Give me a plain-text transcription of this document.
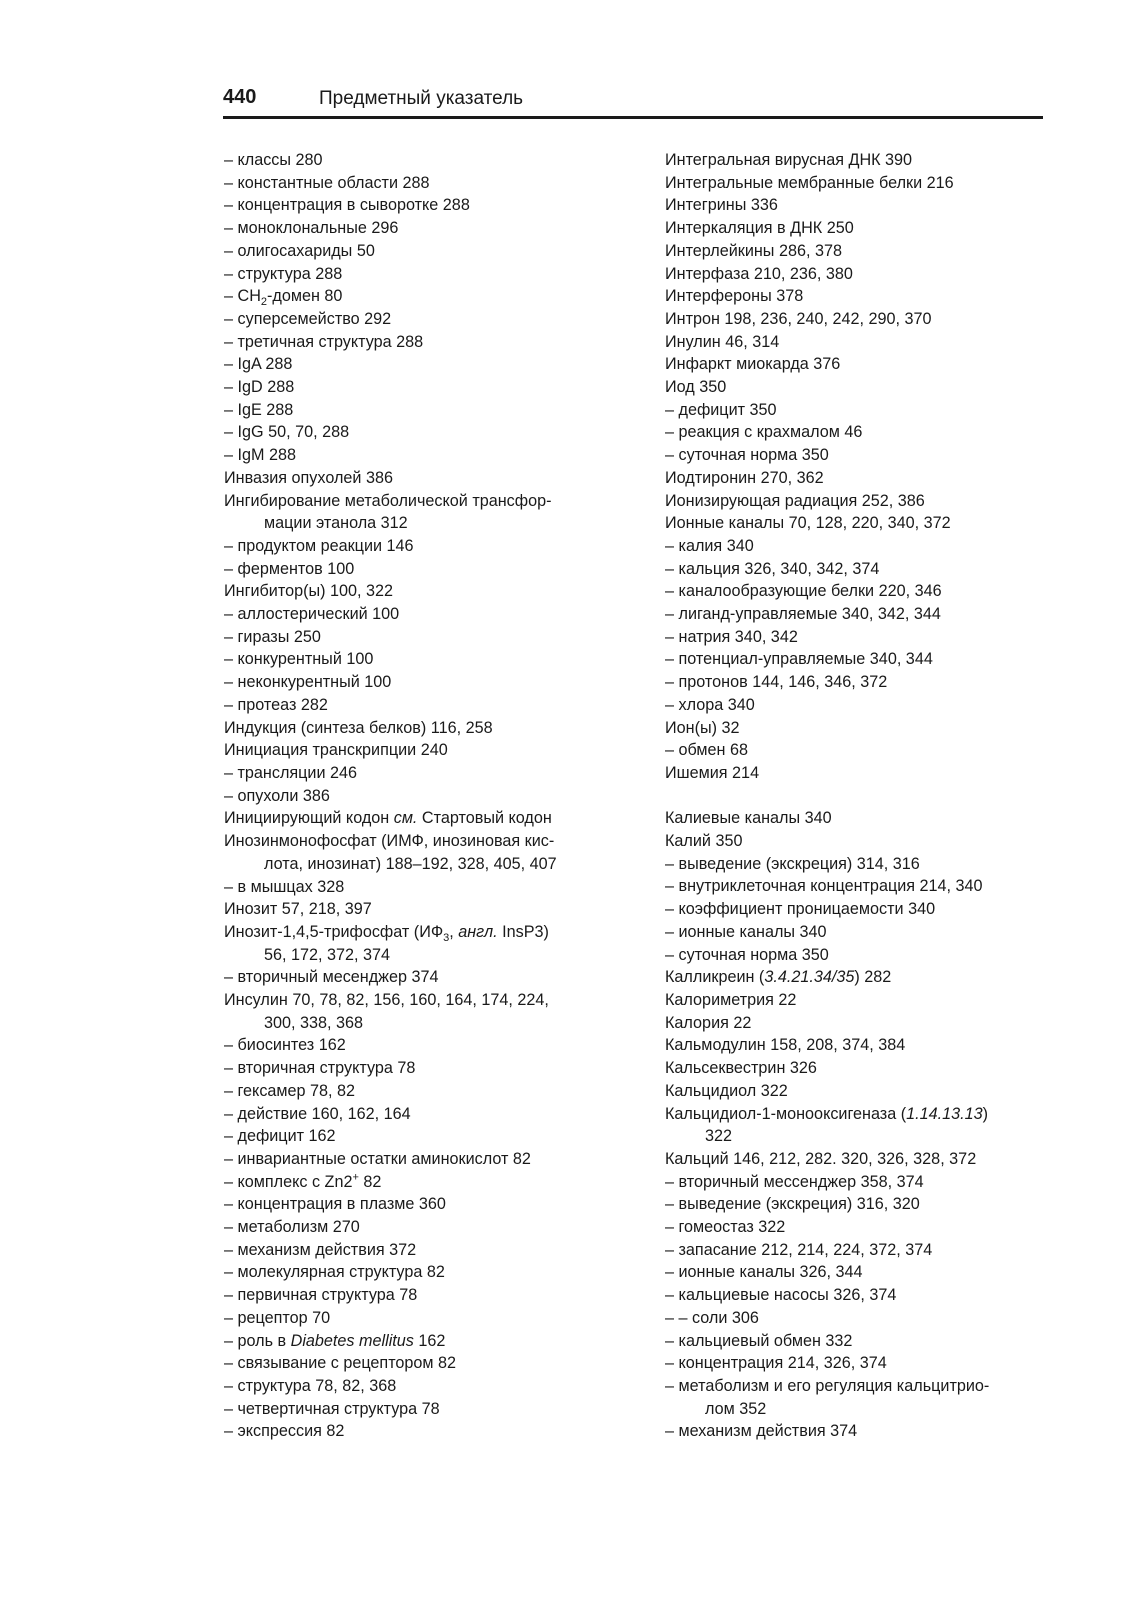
440	Предметный указатель
– классы 280
– константные области 288
– концентрация в сыворотке 288
– моноклональные 296
– олигосахариды 50
– структура 288
– $CH_2$-домен 80
– суперсемейство 292
– третичная структура 288
– IgA 288
– IgD 288
– IgE 288
– IgG 50, 70, 288
– IgM 288
Инвазия опухолей 386
Ингибирование метаболической трансфор-
мации этанола 312
– продуктом реакции 146
– ферментов 100
Ингибитор(ы) 100, 322
– аллостерический 100
– гиразы 250
– конкурентный 100
– неконкурентный 100
– протеаз 282
Индукция (синтеза белков) 116, 258
Инициация транскрипции 240
– трансляции 246
– опухоли 386
Инициирующий кодон см. Стартовый кодон
Инозинмонофосфат (ИМФ, инозиновая кис-
лота, инозинат) 188–192, 328, 405, 407
– в мышцах 328
Инозит 57, 218, 397
Инозит-1,4,5-трифосфат ($ИФ_3$, англ. InsP3)
56, 172, 372, 374
– вторичный месенджер 374
Инсулин 70, 78, 82, 156, 160, 164, 174, 224,
300, 338, 368
– биосинтез 162
– вторичная структура 78
– гексамер 78, 82
– действие 160, 162, 164
– дефицит 162
– инвариантные остатки аминокислот 82
– комплекс с Zn2+ 82
– концентрация в плазме 360
– метаболизм 270
– механизм действия 372
– молекулярная структура 82
– первичная структура 78
– рецептор 70
– роль в Diabetes mellitus 162
– связывание с рецептором 82
– структура 78, 82, 368
– четвертичная структура 78
– экспрессия 82
Интегральная вирусная ДНК 390
Интегральные мембранные белки 216
Интегрины 336
Интеркаляция в ДНК 250
Интерлейкины 286, 378
Интерфаза 210, 236, 380
Интерфероны 378
Интрон 198, 236, 240, 242, 290, 370
Инулин 46, 314
Инфаркт миокарда 376
Иод 350
– дефицит 350
– реакция с крахмалом 46
– суточная норма 350
Иодтиронин 270, 362
Ионизирующая радиация 252, 386
Ионные каналы 70, 128, 220, 340, 372
– калия 340
– кальция 326, 340, 342, 374
– каналообразующие белки 220, 346
– лиганд-управляемые 340, 342, 344
– натрия 340, 342
– потенциал-управляемые 340, 344
– протонов 144, 146, 346, 372
– хлора 340
Ион(ы) 32
– обмен 68
Ишемия 214
Калиевые каналы 340
Калий 350
– выведение (экскреция) 314, 316
– внутриклеточная концентрация 214, 340
– коэффициент проницаемости 340
– ионные каналы 340
– суточная норма 350
Калликреин (3.4.21.34/35) 282
Калориметрия 22
Калория 22
Кальмодулин 158, 208, 374, 384
Кальсеквестрин 326
Кальцидиол 322
Кальцидиол-1-монооксигеназа (1.14.13.13)
322
Кальций 146, 212, 282. 320, 326, 328, 372
– вторичный мессенджер 358, 374
– выведение (экскреция) 316, 320
– гомеостаз 322
– запасание 212, 214, 224, 372, 374
– ионные каналы 326, 344
– кальциевые насосы 326, 374
– – соли 306
– кальциевый обмен 332
– концентрация 214, 326, 374
– метаболизм и его регуляция кальцитрио-
лом 352
– механизм действия 374
